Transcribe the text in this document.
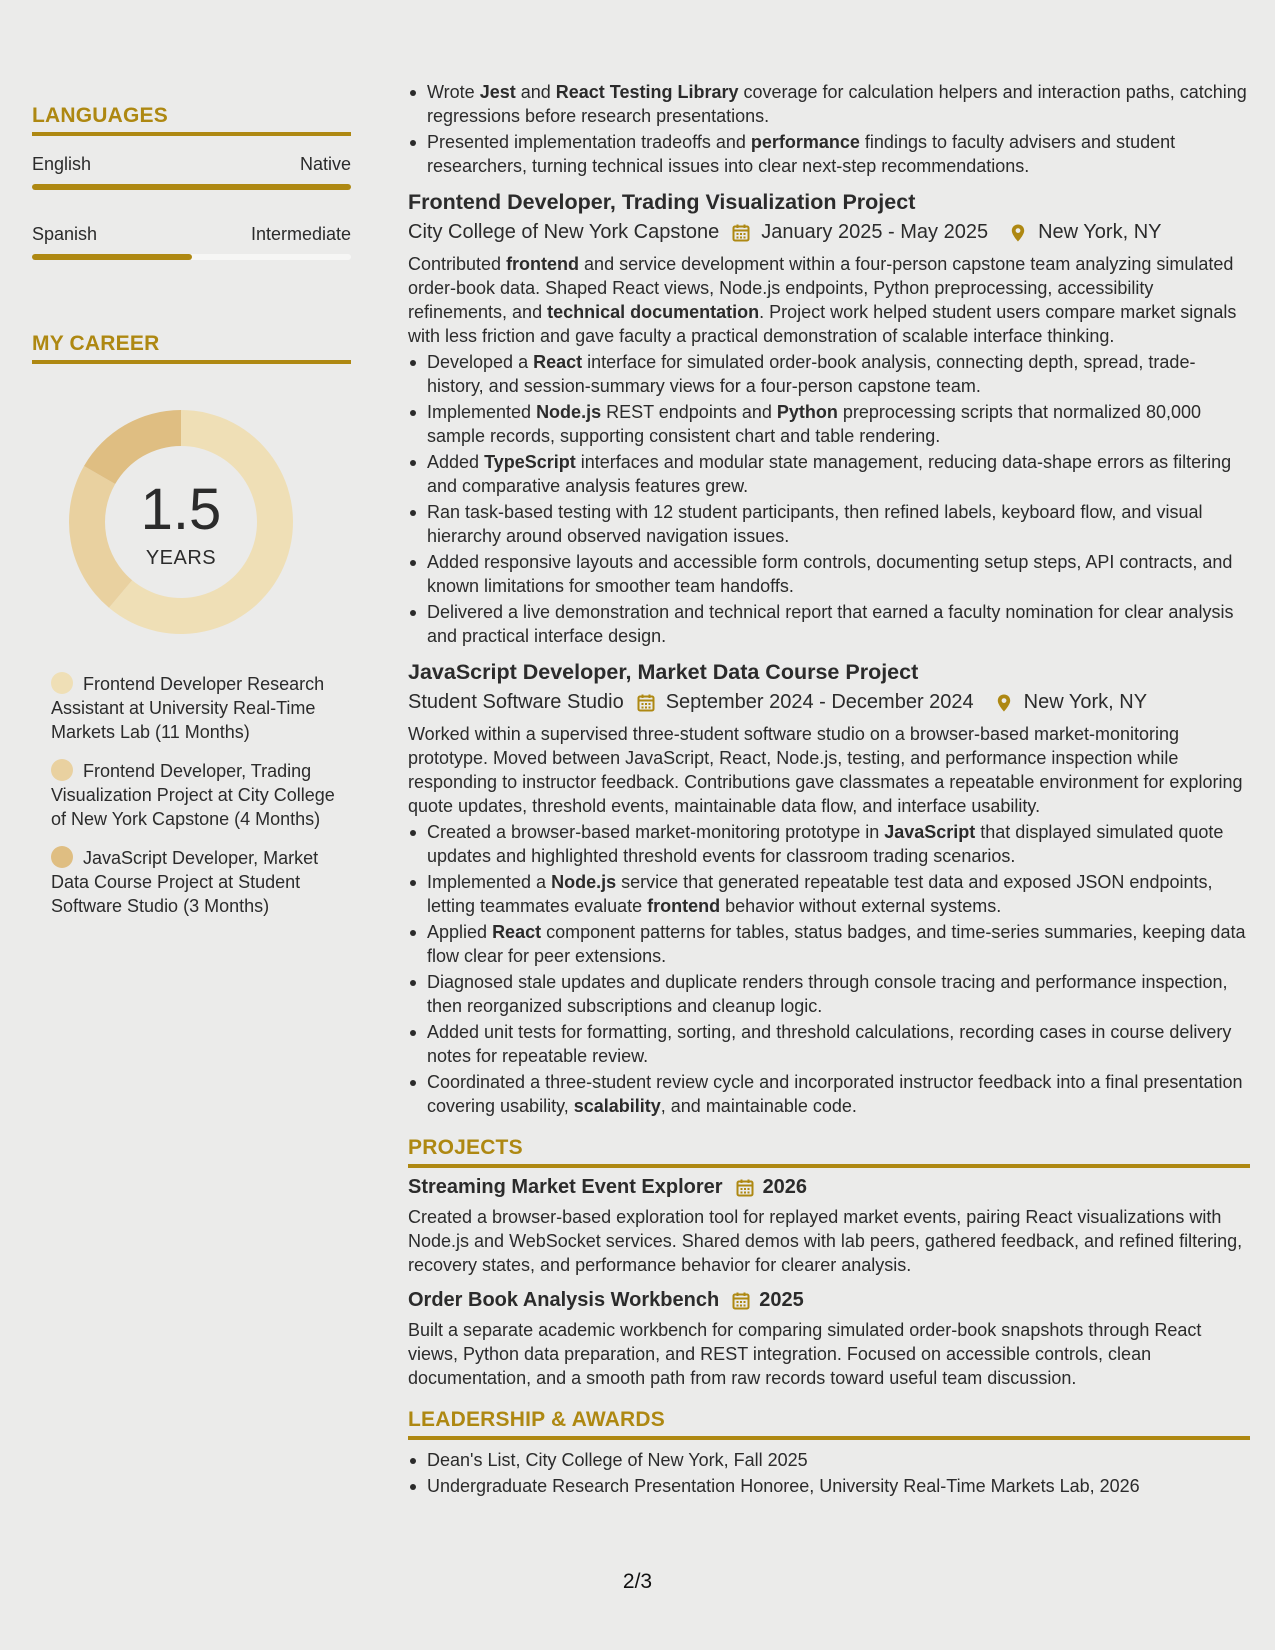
LANGUAGES
English	Native
Spanish	Intermediate
MY CAREER
1.5
YEARS
Frontend Developer Research Assistant at University Real-Time Markets Lab (11 Months)
Frontend Developer, Trading Visualization Project at City College of New York Capstone (4 Months)
JavaScript Developer, Market Data Course Project at Student Software Studio (3 Months)
Wrote Jest and React Testing Library coverage for calculation helpers and interaction paths, catching regressions before research presentations.
Presented implementation tradeoffs and performance findings to faculty advisers and student researchers, turning technical issues into clear next-step recommendations.
Frontend Developer, Trading Visualization Project
City College of New York Capstone January 2025 - May 2025	New York, NY
Contributed frontend and service development within a four-person capstone team analyzing simulated order-book data. Shaped React views, Node.js endpoints, Python preprocessing, accessibility refinements, and technical documentation. Project work helped student users compare market signals with less friction and gave faculty a practical demonstration of scalable interface thinking.
Developed a React interface for simulated order-book analysis, connecting depth, spread, trade-history, and session-summary views for a four-person capstone team.
Implemented Node.js REST endpoints and Python preprocessing scripts that normalized 80,000 sample records, supporting consistent chart and table rendering.
Added TypeScript interfaces and modular state management, reducing data-shape errors as filtering and comparative analysis features grew.
Ran task-based testing with 12 student participants, then refined labels, keyboard flow, and visual hierarchy around observed navigation issues.
Added responsive layouts and accessible form controls, documenting setup steps, API contracts, and known limitations for smoother team handoffs.
Delivered a live demonstration and technical report that earned a faculty nomination for clear analysis and practical interface design.
JavaScript Developer, Market Data Course Project
Student Software Studio September 2024 - December 2024	New York, NY
Worked within a supervised three-student software studio on a browser-based market-monitoring prototype. Moved between JavaScript, React, Node.js, testing, and performance inspection while responding to instructor feedback. Contributions gave classmates a repeatable environment for exploring quote updates, threshold events, maintainable data flow, and interface usability.
Created a browser-based market-monitoring prototype in JavaScript that displayed simulated quote updates and highlighted threshold events for classroom trading scenarios.
Implemented a Node.js service that generated repeatable test data and exposed JSON endpoints, letting teammates evaluate frontend behavior without external systems.
Applied React component patterns for tables, status badges, and time-series summaries, keeping data flow clear for peer extensions.
Diagnosed stale updates and duplicate renders through console tracing and performance inspection, then reorganized subscriptions and cleanup logic.
Added unit tests for formatting, sorting, and threshold calculations, recording cases in course delivery notes for repeatable review.
Coordinated a three-student review cycle and incorporated instructor feedback into a final presentation covering usability, scalability, and maintainable code.
PROJECTS
Streaming Market Event Explorer 2026
Created a browser-based exploration tool for replayed market events, pairing React visualizations with Node.js and WebSocket services. Shared demos with lab peers, gathered feedback, and refined filtering, recovery states, and performance behavior for clearer analysis.
Order Book Analysis Workbench 2025
Built a separate academic workbench for comparing simulated order-book snapshots through React views, Python data preparation, and REST integration. Focused on accessible controls, clean documentation, and a smooth path from raw records toward useful team discussion.
LEADERSHIP & AWARDS
Dean's List, City College of New York, Fall 2025
Undergraduate Research Presentation Honoree, University Real-Time Markets Lab, 2026
2/3
